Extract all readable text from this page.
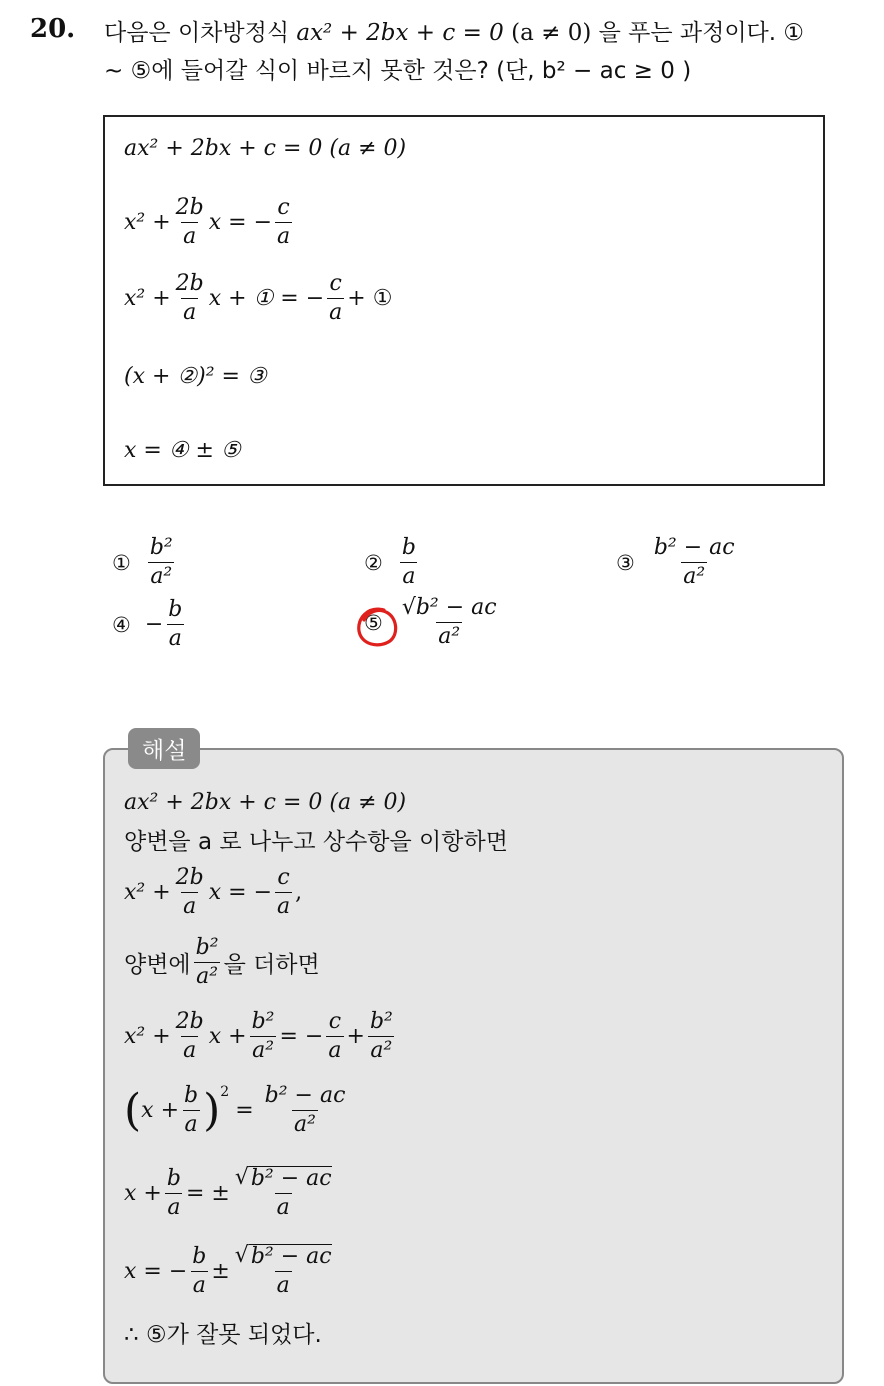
20. 다음은 이차방정식 ax² + 2bx + c = 0 (a ≠ 0) 을 푸는 과정이다. ①
~ ⑤에 들어갈 식이 바르지 못한 것은? (단, b² − ac ≥ 0 )
ax² + 2bx + c = 0 (a ≠ 0)
$x^2 + \frac{2b}{a}$ x = − $\frac{c}{a}$
$x^2 + \frac{2b}{a}$ x + ① = − $\frac{c}{a}$ + ①
(x + ②)² = ③
x = ④ ± ⑤
① $\frac{\text{b²}}{\text{a²}}$	② $\frac{b}{a}$	③ $\frac{\text{b² − ac}}{\text{a²}}$
④ − $\frac{b}{a}$	⑤ $\frac{\text{√b² − ac}}{\text{a²}}$
해설
ax² + 2bx + c = 0 (a ≠ 0)
양변을 a 로 나누고 상수항을 이항하면
$x^2 + \frac{2b}{a}$ x = − $\frac{c}{a}$ ,
양변에 $\frac{\text{b²}}{\text{a²}}$ 을 더하면
$x^2 + \frac{2b}{a}$ $x + \frac{\text{b²}}{\text{a²}}$ = − $\frac{c}{a} + \frac{\text{b²}}{\text{a²}}$
( $x + \frac{b}{a} )^2$
= $\frac{\text{b² − ac}}{\text{a²}}$
$x + \frac{b}{a}$ = ± $\frac{\text{√ b² − ac}}{a}$
x = − $\frac{b}{a} \pm \frac{\text{√ b² − ac}}{a}$
∴ ⑤가 잘못 되었다.
